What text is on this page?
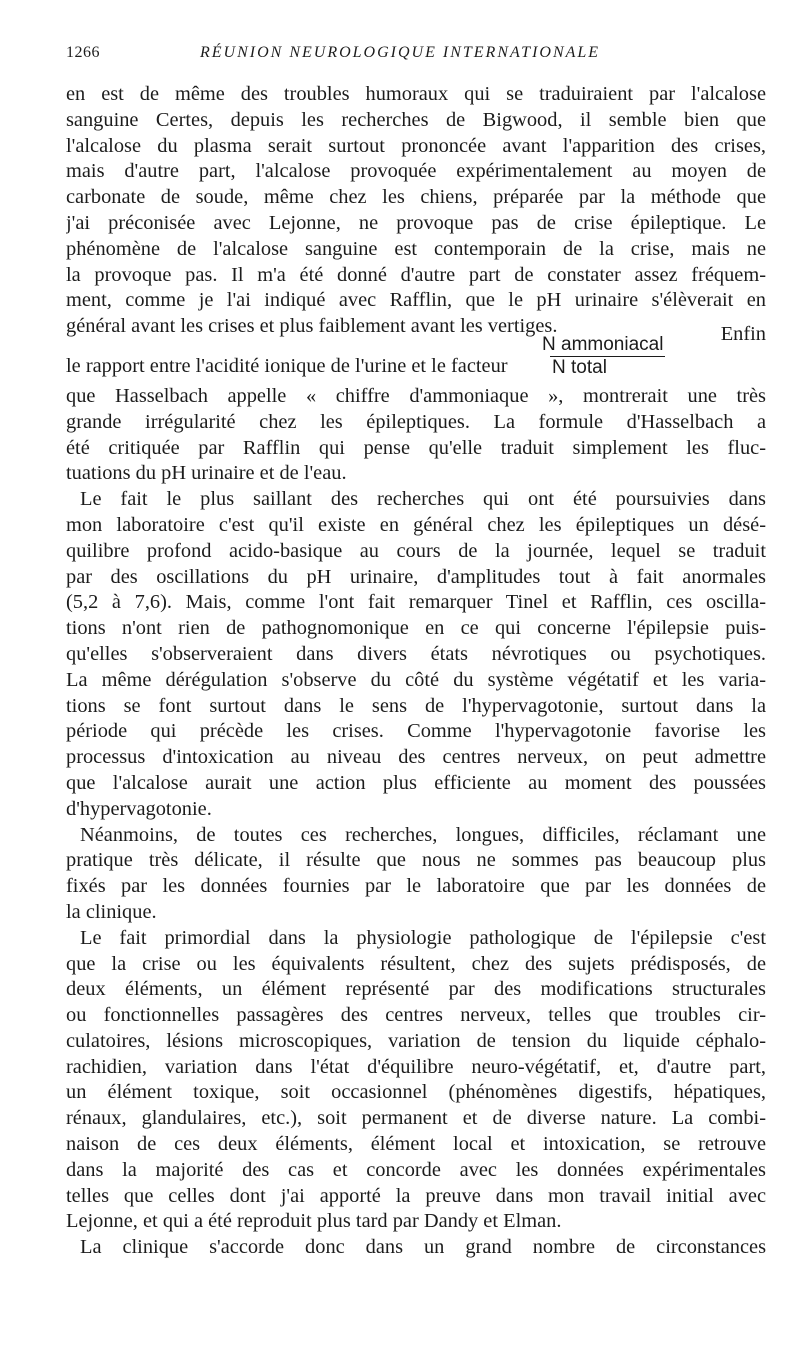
1266	RÉUNION NEUROLOGIQUE INTERNATIONALE
en est de même des troubles humoraux qui se traduiraient par l'alcalose
sanguine Certes, depuis les recherches de Bigwood, il semble bien que
l'alcalose du plasma serait surtout prononcée avant l'apparition des crises,
mais d'autre part, l'alcalose provoquée expérimentalement au moyen de
carbonate de soude, même chez les chiens, préparée par la méthode que
j'ai préconisée avec Lejonne, ne provoque pas de crise épileptique. Le
phénomène de l'alcalose sanguine est contemporain de la crise, mais ne
la provoque pas. Il m'a été donné d'autre part de constater assez fréquem-
ment, comme je l'ai indiqué avec Rafflin, que le pH urinaire s'élèverait en
général avant les crises et plus faiblement avant les vertiges.	Enfin
le rapport entre l'acidité ionique de l'urine et le facteur
N ammoniacal
N total
que Hasselbach appelle « chiffre d'ammoniaque », montrerait une très
grande irrégularité chez les épileptiques. La formule d'Hasselbach a
été critiquée par Rafflin qui pense qu'elle traduit simplement les fluc-
tuations du pH urinaire et de l'eau.
Le fait le plus saillant des recherches qui ont été poursuivies dans
mon laboratoire c'est qu'il existe en général chez les épileptiques un désé-
quilibre profond acido-basique au cours de la journée, lequel se traduit
par des oscillations du pH urinaire, d'amplitudes tout à fait anormales
(5,2 à 7,6). Mais, comme l'ont fait remarquer Tinel et Rafflin, ces oscilla-
tions n'ont rien de pathognomonique en ce qui concerne l'épilepsie puis-
qu'elles s'observeraient dans divers états névrotiques ou psychotiques.
La même dérégulation s'observe du côté du système végétatif et les varia-
tions se font surtout dans le sens de l'hypervagotonie, surtout dans la
période qui précède les crises. Comme l'hypervagotonie favorise les
processus d'intoxication au niveau des centres nerveux, on peut admettre
que l'alcalose aurait une action plus efficiente au moment des poussées
d'hypervagotonie.
Néanmoins, de toutes ces recherches, longues, difficiles, réclamant une
pratique très délicate, il résulte que nous ne sommes pas beaucoup plus
fixés par les données fournies par le laboratoire que par les données de
la clinique.
Le fait primordial dans la physiologie pathologique de l'épilepsie c'est
que la crise ou les équivalents résultent, chez des sujets prédisposés, de
deux éléments, un élément représenté par des modifications structurales
ou fonctionnelles passagères des centres nerveux, telles que troubles cir-
culatoires, lésions microscopiques, variation de tension du liquide céphalo-
rachidien, variation dans l'état d'équilibre neuro-végétatif, et, d'autre part,
un élément toxique, soit occasionnel (phénomènes digestifs, hépatiques,
rénaux, glandulaires, etc.), soit permanent et de diverse nature. La combi-
naison de ces deux éléments, élément local et intoxication, se retrouve
dans la majorité des cas et concorde avec les données expérimentales
telles que celles dont j'ai apporté la preuve dans mon travail initial avec
Lejonne, et qui a été reproduit plus tard par Dandy et Elman.
La clinique s'accorde donc dans un grand nombre de circonstances
